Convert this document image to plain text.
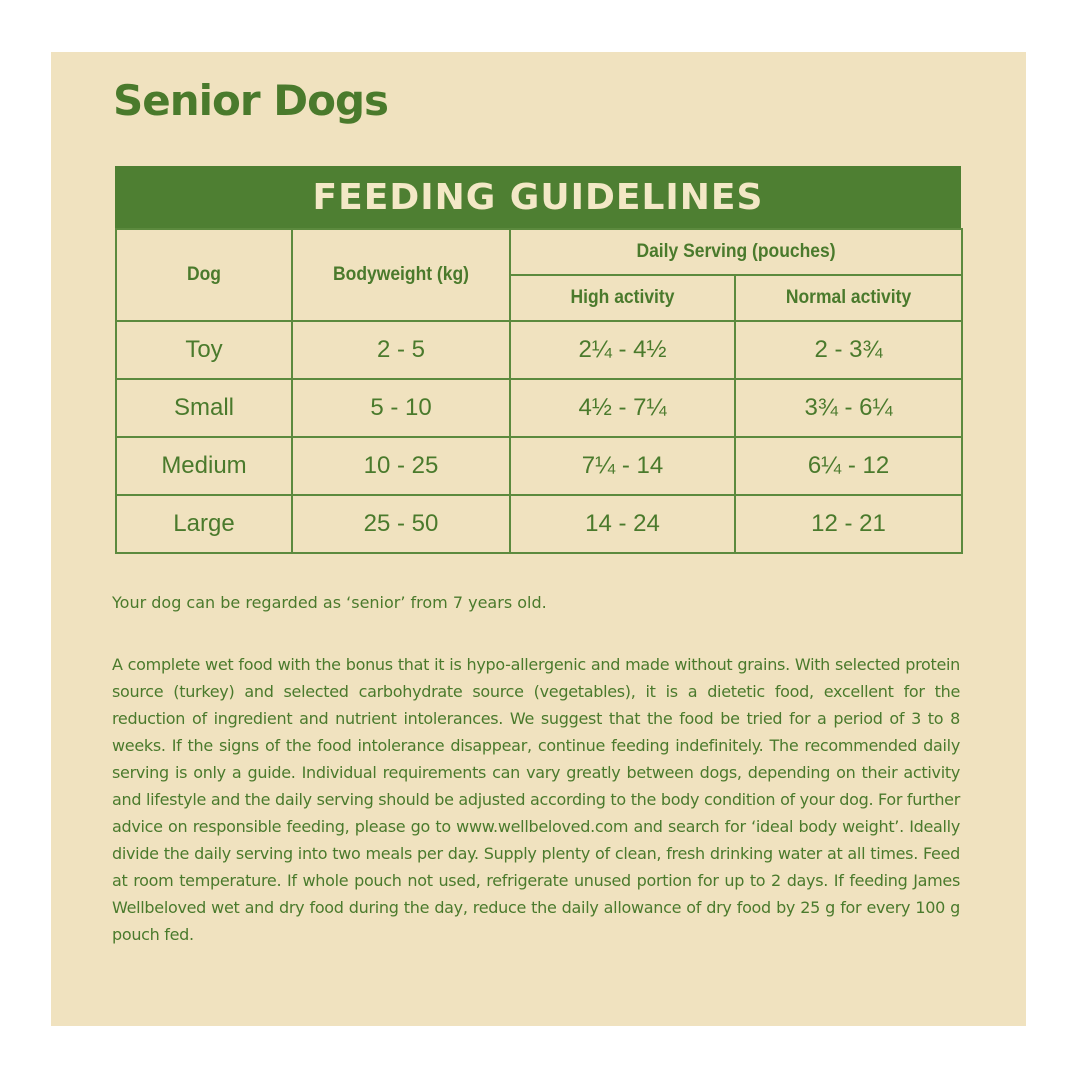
Senior Dogs
FEEDING GUIDELINES
Dog	Bodyweight (kg)	Daily Serving (pouches)	
		High activity	Normal activity
Toy	2 - 5	2¼ - 4½	2 - 3¾
Small	5 - 10	4½ - 7¼	3¾ - 6¼
Medium	10 - 25	7¼ - 14	6¼ - 12
Large	25 - 50	14 - 24	12 - 21

Your dog can be regarded as ‘senior’ from 7 years old.

A complete wet food with the bonus that it is hypo-allergenic and made without grains. With selected protein source (turkey) and selected carbohydrate source (vegetables), it is a dietetic food, excellent for the reduction of ingredient and nutrient intolerances. We suggest that the food be tried for a period of 3 to 8 weeks. If the signs of the food intolerance disappear, continue feeding indefinitely. The recommended daily serving is only a guide. Individual requirements can vary greatly between dogs, depending on their activity and lifestyle and the daily serving should be adjusted according to the body condition of your dog. For further advice on responsible feeding, please go to www.wellbeloved.com and search for ‘ideal body weight’. Ideally divide the daily serving into two meals per day. Supply plenty of clean, fresh drinking water at all times. Feed at room temperature. If whole pouch not used, refrigerate unused portion for up to 2 days. If feeding James Wellbeloved wet and dry food during the day, reduce the daily allowance of dry food by 25 g for every 100 g pouch fed.
